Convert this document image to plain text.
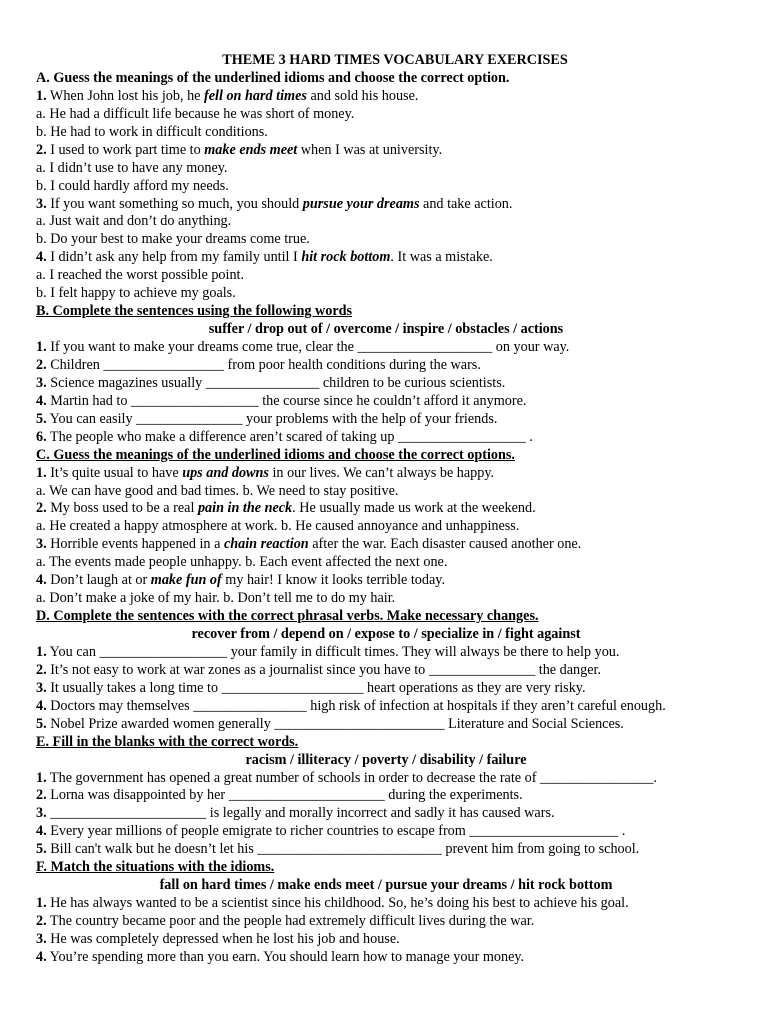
THEME 3 HARD TIMES VOCABULARY EXERCISES
A. Guess the meanings of the underlined idioms and choose the correct option.
1. When John lost his job, he fell on hard times and sold his house.
a. He had a difficult life because he was short of money.
b. He had to work in difficult conditions.
2. I used to work part time to make ends meet when I was at university.
a. I didn’t use to have any money.
b. I could hardly afford my needs.
3. If you want something so much, you should pursue your dreams and take action.
a. Just wait and don’t do anything.
b. Do your best to make your dreams come true.
4. I didn’t ask any help from my family until I hit rock bottom. It was a mistake.
a. I reached the worst possible point.
b. I felt happy to achieve my goals.
B. Complete the sentences using the following words
suffer / drop out of / overcome / inspire / obstacles / actions
1. If you want to make your dreams come true, clear the ___________________ on your way.
2. Children _________________ from poor health conditions during the wars.
3. Science magazines usually ________________ children to be curious scientists.
4. Martin had to __________________ the course since he couldn’t afford it anymore.
5. You can easily _______________ your problems with the help of your friends.
6. The people who make a difference aren’t scared of taking up __________________ .
C. Guess the meanings of the underlined idioms and choose the correct options.
1. It’s quite usual to have ups and downs in our lives. We can’t always be happy.
a. We can have good and bad times. b. We need to stay positive.
2. My boss used to be a real pain in the neck. He usually made us work at the weekend.
a. He created a happy atmosphere at work. b. He caused annoyance and unhappiness.
3. Horrible events happened in a chain reaction after the war. Each disaster caused another one.
a. The events made people unhappy. b. Each event affected the next one.
4. Don’t laugh at or make fun of my hair! I know it looks terrible today.
a. Don’t make a joke of my hair. b. Don’t tell me to do my hair.
D. Complete the sentences with the correct phrasal verbs. Make necessary changes.
recover from / depend on / expose to / specialize in / fight against
1. You can __________________ your family in difficult times. They will always be there to help you.
2. It’s not easy to work at war zones as a journalist since you have to _______________ the danger.
3. It usually takes a long time to ____________________ heart operations as they are very risky.
4. Doctors may themselves ________________ high risk of infection at hospitals if they aren’t careful enough.
5. Nobel Prize awarded women generally ________________________ Literature and Social Sciences.
E. Fill in the blanks with the correct words.
racism / illiteracy / poverty / disability / failure
1. The government has opened a great number of schools in order to decrease the rate of ________________.
2. Lorna was disappointed by her ______________________ during the experiments.
3. ______________________ is legally and morally incorrect and sadly it has caused wars.
4. Every year millions of people emigrate to richer countries to escape from _____________________ .
5. Bill can't walk but he doesn’t let his __________________________ prevent him from going to school.
F. Match the situations with the idioms.
fall on hard times / make ends meet / pursue your dreams / hit rock bottom
1. He has always wanted to be a scientist since his childhood. So, he’s doing his best to achieve his goal.
2. The country became poor and the people had extremely difficult lives during the war.
3. He was completely depressed when he lost his job and house.
4. You’re spending more than you earn. You should learn how to manage your money.
